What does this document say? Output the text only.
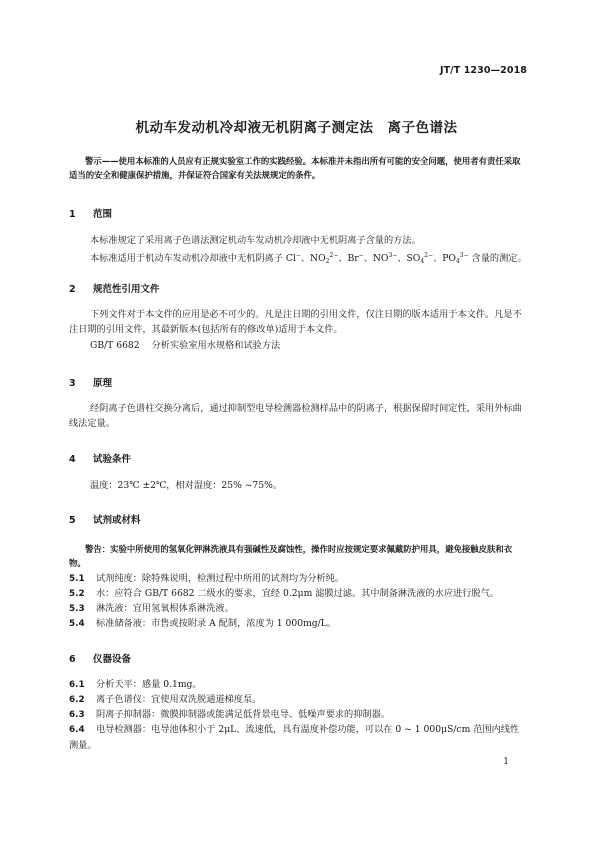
JT/T 1230—2018
机动车发动机冷却液无机阴离子测定法 离子色谱法
警示——使用本标准的人员应有正规实验室工作的实践经验。本标准并未指出所有可能的安全问题，使用者有责任采取适当的安全和健康保护措施，并保证符合国家有关法规规定的条件。
1 范围
本标准规定了采用离子色谱法测定机动车发动机冷却液中无机阴离子含量的方法。
本标准适用于机动车发动机冷却液中无机阴离子 Cl−、$NO_2^{2-}$、Br−、$NO^{3-}$、$SO_4^{2-}$、$PO_4^{3-}$ 含量的测定。
2 规范性引用文件
下列文件对于本文件的应用是必不可少的。凡是注日期的引用文件，仅注日期的版本适用于本文件。凡是不注日期的引用文件，其最新版本(包括所有的修改单)适用于本文件。
GB/T 6682 分析实验室用水规格和试验方法
3 原理
经阴离子色谱柱交换分离后，通过抑制型电导检测器检测样品中的阴离子，根据保留时间定性，采用外标曲线法定量。
4 试验条件
温度：23℃ ±2℃，相对湿度：25% ~75%。
5 试剂或材料
警告：实验中所使用的氢氧化钾淋洗液具有强碱性及腐蚀性，操作时应按规定要求佩戴防护用具，避免接触皮肤和衣物。
5.1 试剂纯度：除特殊说明，检测过程中所用的试剂均为分析纯。
5.2 水：应符合 GB/T 6682 二级水的要求，宜经 0.2μm 滤膜过滤。其中制备淋洗液的水应进行脱气。
5.3 淋洗液：宜用氢氧根体系淋洗液。
5.4 标准储备液：市售或按附录 A 配制，浓度为 1 000mg/L。
6 仪器设备
6.1 分析天平：感量 0.1mg。
6.2 离子色谱仪：宜使用双洗脱通道梯度泵。
6.3 阴离子抑制器：微膜抑制器或能满足低背景电导、低噪声要求的抑制器。
6.4 电导检测器：电导池体积小于 2μL、流速低，具有温度补偿功能，可以在 0 ~ 1 000μS/cm 范围内线性测量。
1
